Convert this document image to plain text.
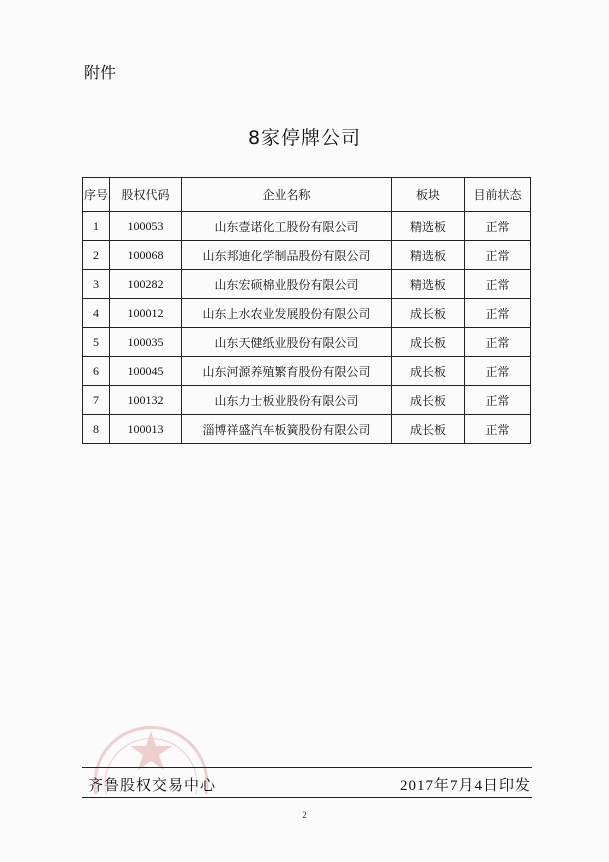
附件
8家停牌公司
序号	股权代码	企业名称	板块	目前状态
1	100053	山东壹诺化工股份有限公司	精选板	正常
2	100068	山东邦迪化学制品股份有限公司	精选板	正常
3	100282	山东宏硕棉业股份有限公司	精选板	正常
4	100012	山东上水农业发展股份有限公司	成长板	正常
5	100035	山东天健纸业股份有限公司	成长板	正常
6	100045	山东河源养殖繁育股份有限公司	成长板	正常
7	100132	山东力士板业股份有限公司	成长板	正常
8	100013	淄博祥盛汽车板簧股份有限公司	成长板	正常
齐鲁股权交易中心	2017年7月4日印发
2
